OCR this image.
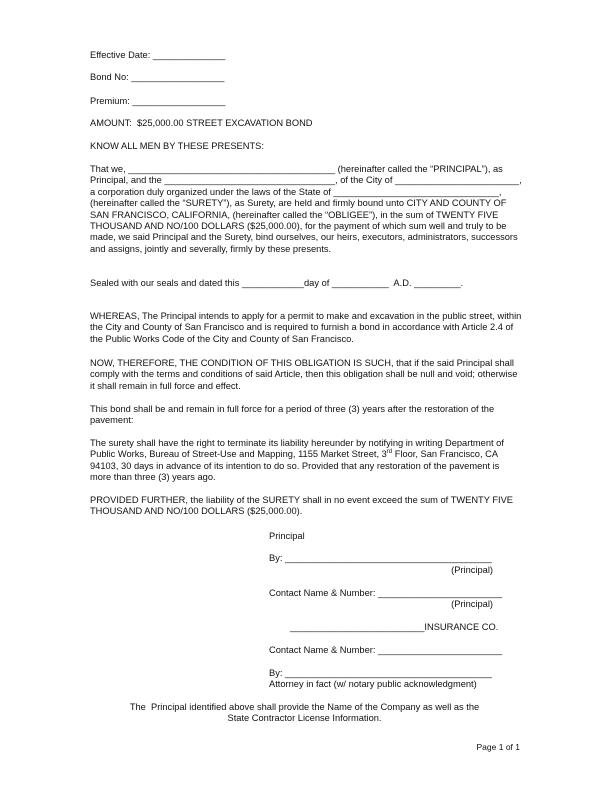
Effective Date: ______________
Bond No: __________________
Premium: __________________
AMOUNT:  $25,000.00 STREET EXCAVATION BOND
KNOW ALL MEN BY THESE PRESENTS:
That we, ________________________________________ (hereinafter called the “PRINCIPAL”), as Principal, and the _________________________________, of the City of ________________________, a corporation duly organized under the laws of the State of ________________________________, (hereinafter called the “SURETY”), as Surety, are held and firmly bound unto CITY AND COUNTY OF SAN FRANCISCO, CALIFORNIA, (hereinafter called the “OBLIGEE”), in the sum of TWENTY FIVE THOUSAND AND NO/100 DOLLARS ($25,000.00), for the payment of which sum well and truly to be made, we said Principal and the Surety, bind ourselves, our heirs, executors, administrators, successors and assigns, jointly and severally, firmly by these presents.
Sealed with our seals and dated this ____________day of ___________  A.D. _________.
WHEREAS, The Principal intends to apply for a permit to make and excavation in the public street, within the City and County of San Francisco and is required to furnish a bond in accordance with Article 2.4 of the Public Works Code of the City and County of San Francisco.
NOW, THEREFORE, THE CONDITION OF THIS OBLIGATION IS SUCH, that if the said Principal shall comply with the terms and conditions of said Article, then this obligation shall be null and void; otherwise it shall remain in full force and effect.
This bond shall be and remain in full force for a period of three (3) years after the restoration of the pavement:
The surety shall have the right to terminate its liability hereunder by notifying in writing Department of Public Works, Bureau of Street-Use and Mapping, 1155 Market Street, 3rd Floor, San Francisco, CA 94103, 30 days in advance of its intention to do so. Provided that any restoration of the pavement is more than three (3) years ago.
PROVIDED FURTHER, the liability of the SURETY shall in no event exceed the sum of TWENTY FIVE THOUSAND AND NO/100 DOLLARS ($25,000.00).
Principal
By: ________________________________________
(Principal)
Contact Name & Number: ________________________
(Principal)
__________________________INSURANCE CO.
Contact Name & Number: ________________________
By: ________________________________________
Attorney in fact (w/ notary public acknowledgment)
The  Principal identified above shall provide the Name of the Company as well as the
State Contractor License Information.
Page 1 of 1
